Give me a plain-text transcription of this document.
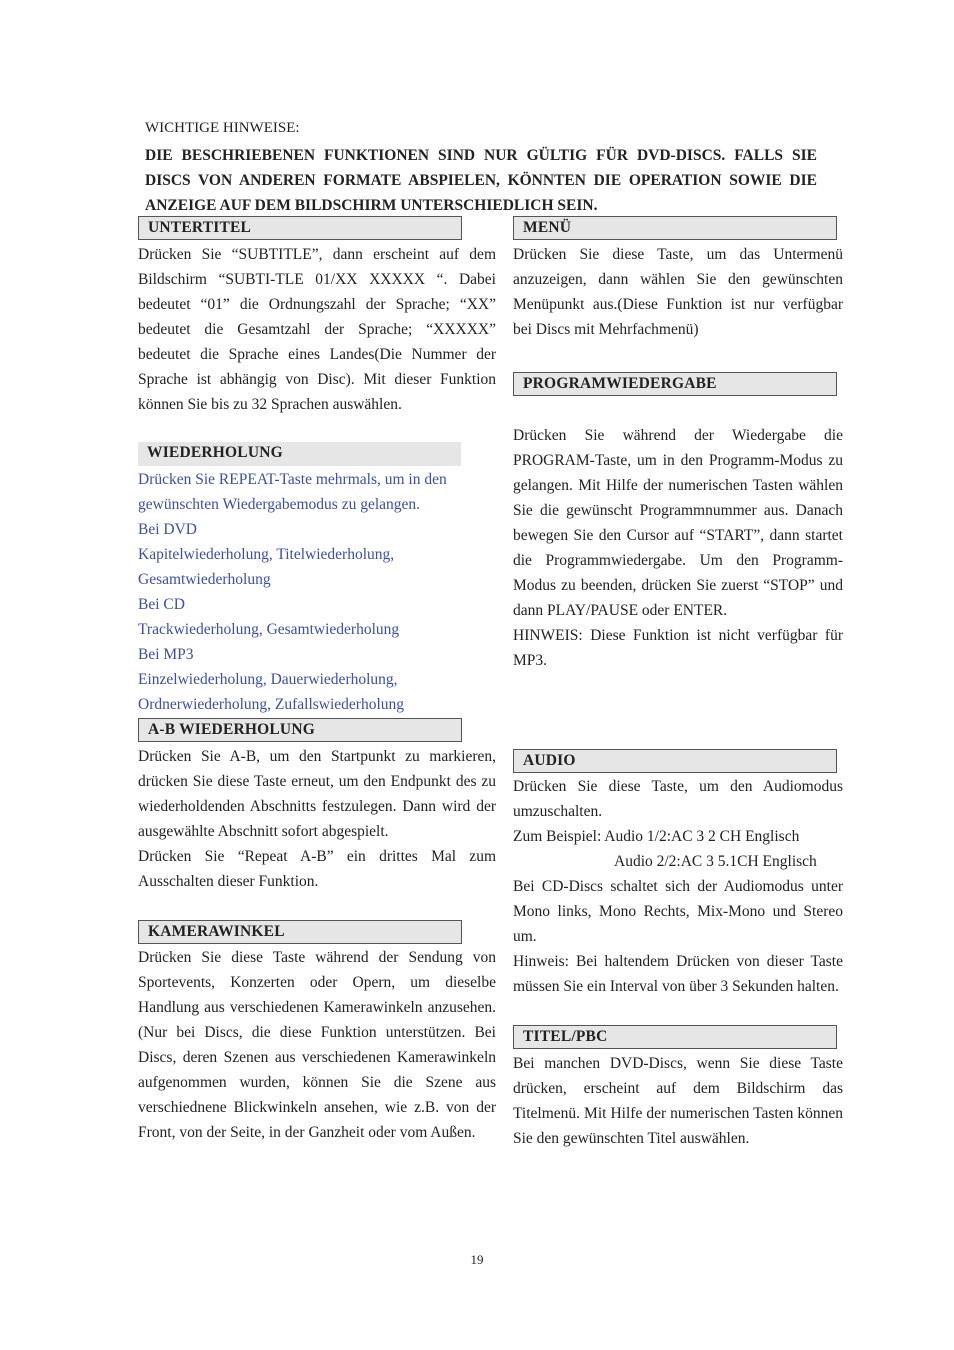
WICHTIGE HINWEISE:
DIE BESCHRIEBENEN FUNKTIONEN SIND NUR GÜLTIG FÜR DVD-DISCS. FALLS SIE DISCS VON ANDEREN FORMATE ABSPIELEN, KÖNNTEN DIE OPERATION SOWIE DIE ANZEIGE AUF DEM BILDSCHIRM UNTERSCHIEDLICH SEIN.
UNTERTITEL
Drücken Sie “SUBTITLE”, dann erscheint auf dem Bildschirm “SUBTI-TLE 01/XX XXXXX “. Dabei bedeutet “01” die Ordnungszahl der Sprache; “XX” bedeutet die Gesamtzahl der Sprache; “XXXXX” bedeutet die Sprache eines Landes(Die Nummer der Sprache ist abhängig von Disc). Mit dieser Funktion können Sie bis zu 32 Sprachen auswählen.
WIEDERHOLUNG
Drücken Sie REPEAT-Taste mehrmals, um in den
gewünschten Wiedergabemodus zu gelangen.
Bei DVD
Kapitelwiederholung, Titelwiederholung,
Gesamtwiederholung
Bei CD
Trackwiederholung, Gesamtwiederholung
Bei MP3
Einzelwiederholung, Dauerwiederholung,
Ordnerwiederholung, Zufallswiederholung
A-B WIEDERHOLUNG
Drücken Sie A-B, um den Startpunkt zu markieren, drücken Sie diese Taste erneut, um den Endpunkt des zu wiederholdenden Abschnitts festzulegen. Dann wird der ausgewählte Abschnitt sofort abgespielt.
Drücken Sie “Repeat A-B” ein drittes Mal zum Ausschalten dieser Funktion.
KAMERAWINKEL
Drücken Sie diese Taste während der Sendung von Sportevents, Konzerten oder Opern, um dieselbe Handlung aus verschiedenen Kamerawinkeln anzusehen.(Nur bei Discs, die diese Funktion unterstützen. Bei Discs, deren Szenen aus verschiedenen Kamerawinkeln aufgenommen wurden, können Sie die Szene aus verschiednene Blickwinkeln ansehen, wie z.B. von der Front, von der Seite, in der Ganzheit oder vom Außen.
MENÜ
Drücken Sie diese Taste, um das Untermenü anzuzeigen, dann wählen Sie den gewünschten Menüpunkt aus.(Diese Funktion ist nur verfügbar bei Discs mit Mehrfachmenü)
PROGRAMWIEDERGABE
Drücken Sie während der Wiedergabe die PROGRAM-Taste, um in den Programm-Modus zu gelangen. Mit Hilfe der numerischen Tasten wählen Sie die gewünscht Programmnummer aus. Danach bewegen Sie den Cursor auf “START”, dann startet die Programmwiedergabe. Um den Programm-Modus zu beenden, drücken Sie zuerst “STOP” und dann PLAY/PAUSE oder ENTER.
HINWEIS: Diese Funktion ist nicht verfügbar für MP3.
AUDIO
Drücken Sie diese Taste, um den Audiomodus umzuschalten.
Zum Beispiel: Audio 1/2:AC 3 2 CH Englisch
Audio 2/2:AC 3 5.1CH Englisch
Bei CD-Discs schaltet sich der Audiomodus unter Mono links, Mono Rechts, Mix-Mono und Stereo um.
Hinweis: Bei haltendem Drücken von dieser Taste müssen Sie ein Interval von über 3 Sekunden halten.
TITEL/PBC
Bei manchen DVD-Discs, wenn Sie diese Taste drücken, erscheint auf dem Bildschirm das Titelmenü. Mit Hilfe der numerischen Tasten können Sie den gewünschten Titel auswählen.
19
